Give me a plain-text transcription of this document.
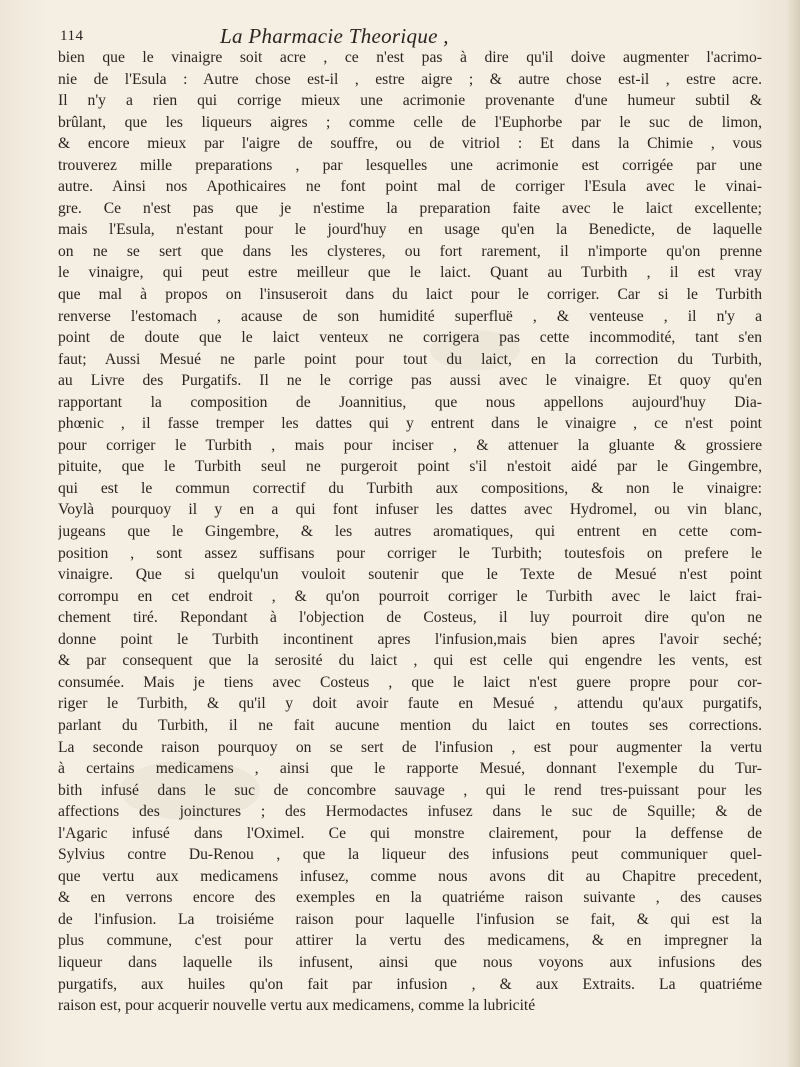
114	La Pharmacie Theorique ,
bien que le vinaigre soit acre , ce n'est pas à dire qu'il doive augmenter l'acrimo-
nie de l'Esula : Autre chose est-il , estre aigre ; & autre chose est-il , estre acre.
Il n'y a rien qui corrige mieux une acrimonie provenante d'une humeur subtil &
brûlant, que les liqueurs aigres ; comme celle de l'Euphorbe par le suc de limon,
& encore mieux par l'aigre de souffre, ou de vitriol : Et dans la Chimie , vous
trouverez mille preparations , par lesquelles une acrimonie est corrigée par une
autre. Ainsi nos Apothicaires ne font point mal de corriger l'Esula avec le vinai-
gre. Ce n'est pas que je n'estime la preparation faite avec le laict excellente;
mais l'Esula, n'estant pour le jourd'huy en usage qu'en la Benedicte, de laquelle
on ne se sert que dans les clysteres, ou fort rarement, il n'importe qu'on prenne
le vinaigre, qui peut estre meilleur que le laict. Quant au Turbith , il est vray
que mal à propos on l'insuseroit dans du laict pour le corriger. Car si le Turbith
renverse l'estomach , acause de son humidité superfluë , & venteuse , il n'y a
point de doute que le laict venteux ne corrigera pas cette incommodité, tant s'en
faut; Aussi Mesué ne parle point pour tout du laict, en la correction du Turbith,
au Livre des Purgatifs. Il ne le corrige pas aussi avec le vinaigre. Et quoy qu'en
rapportant la composition de Joannitius, que nous appellons aujourd'huy Dia-
phœnic , il fasse tremper les dattes qui y entrent dans le vinaigre , ce n'est point
pour corriger le Turbith , mais pour inciser , & attenuer la gluante & grossiere
pituite, que le Turbith seul ne purgeroit point s'il n'estoit aidé par le Gingembre,
qui est le commun correctif du Turbith aux compositions, & non le vinaigre:
Voylà pourquoy il y en a qui font infuser les dattes avec Hydromel, ou vin blanc,
jugeans que le Gingembre, & les autres aromatiques, qui entrent en cette com-
position , sont assez suffisans pour corriger le Turbith; toutesfois on prefere le
vinaigre. Que si quelqu'un vouloit soutenir que le Texte de Mesué n'est point
corrompu en cet endroit , & qu'on pourroit corriger le Turbith avec le laict frai-
chement tiré. Repondant à l'objection de Costeus, il luy pourroit dire qu'on ne
donne point le Turbith incontinent apres l'infusion,mais bien apres l'avoir seché;
& par consequent que la serosité du laict , qui est celle qui engendre les vents, est
consumée. Mais je tiens avec Costeus , que le laict n'est guere propre pour cor-
riger le Turbith, & qu'il y doit avoir faute en Mesué , attendu qu'aux purgatifs,
parlant du Turbith, il ne fait aucune mention du laict en toutes ses corrections.
La seconde raison pourquoy on se sert de l'infusion , est pour augmenter la vertu
à certains medicamens , ainsi que le rapporte Mesué, donnant l'exemple du Tur-
bith infusé dans le suc de concombre sauvage , qui le rend tres-puissant pour les
affections des joinctures ; des Hermodactes infusez dans le suc de Squille; & de
l'Agaric infusé dans l'Oximel. Ce qui monstre clairement, pour la deffense de
Sylvius contre Du-Renou , que la liqueur des infusions peut communiquer quel-
que vertu aux medicamens infusez, comme nous avons dit au Chapitre precedent,
& en verrons encore des exemples en la quatriéme raison suivante , des causes
de l'infusion. La troisiéme raison pour laquelle l'infusion se fait, & qui est la
plus commune, c'est pour attirer la vertu des medicamens, & en impregner la
liqueur dans laquelle ils infusent, ainsi que nous voyons aux infusions des
purgatifs, aux huiles qu'on fait par infusion , & aux Extraits. La quatriéme
raison est, pour acquerir nouvelle vertu aux medicamens, comme la lubricité
